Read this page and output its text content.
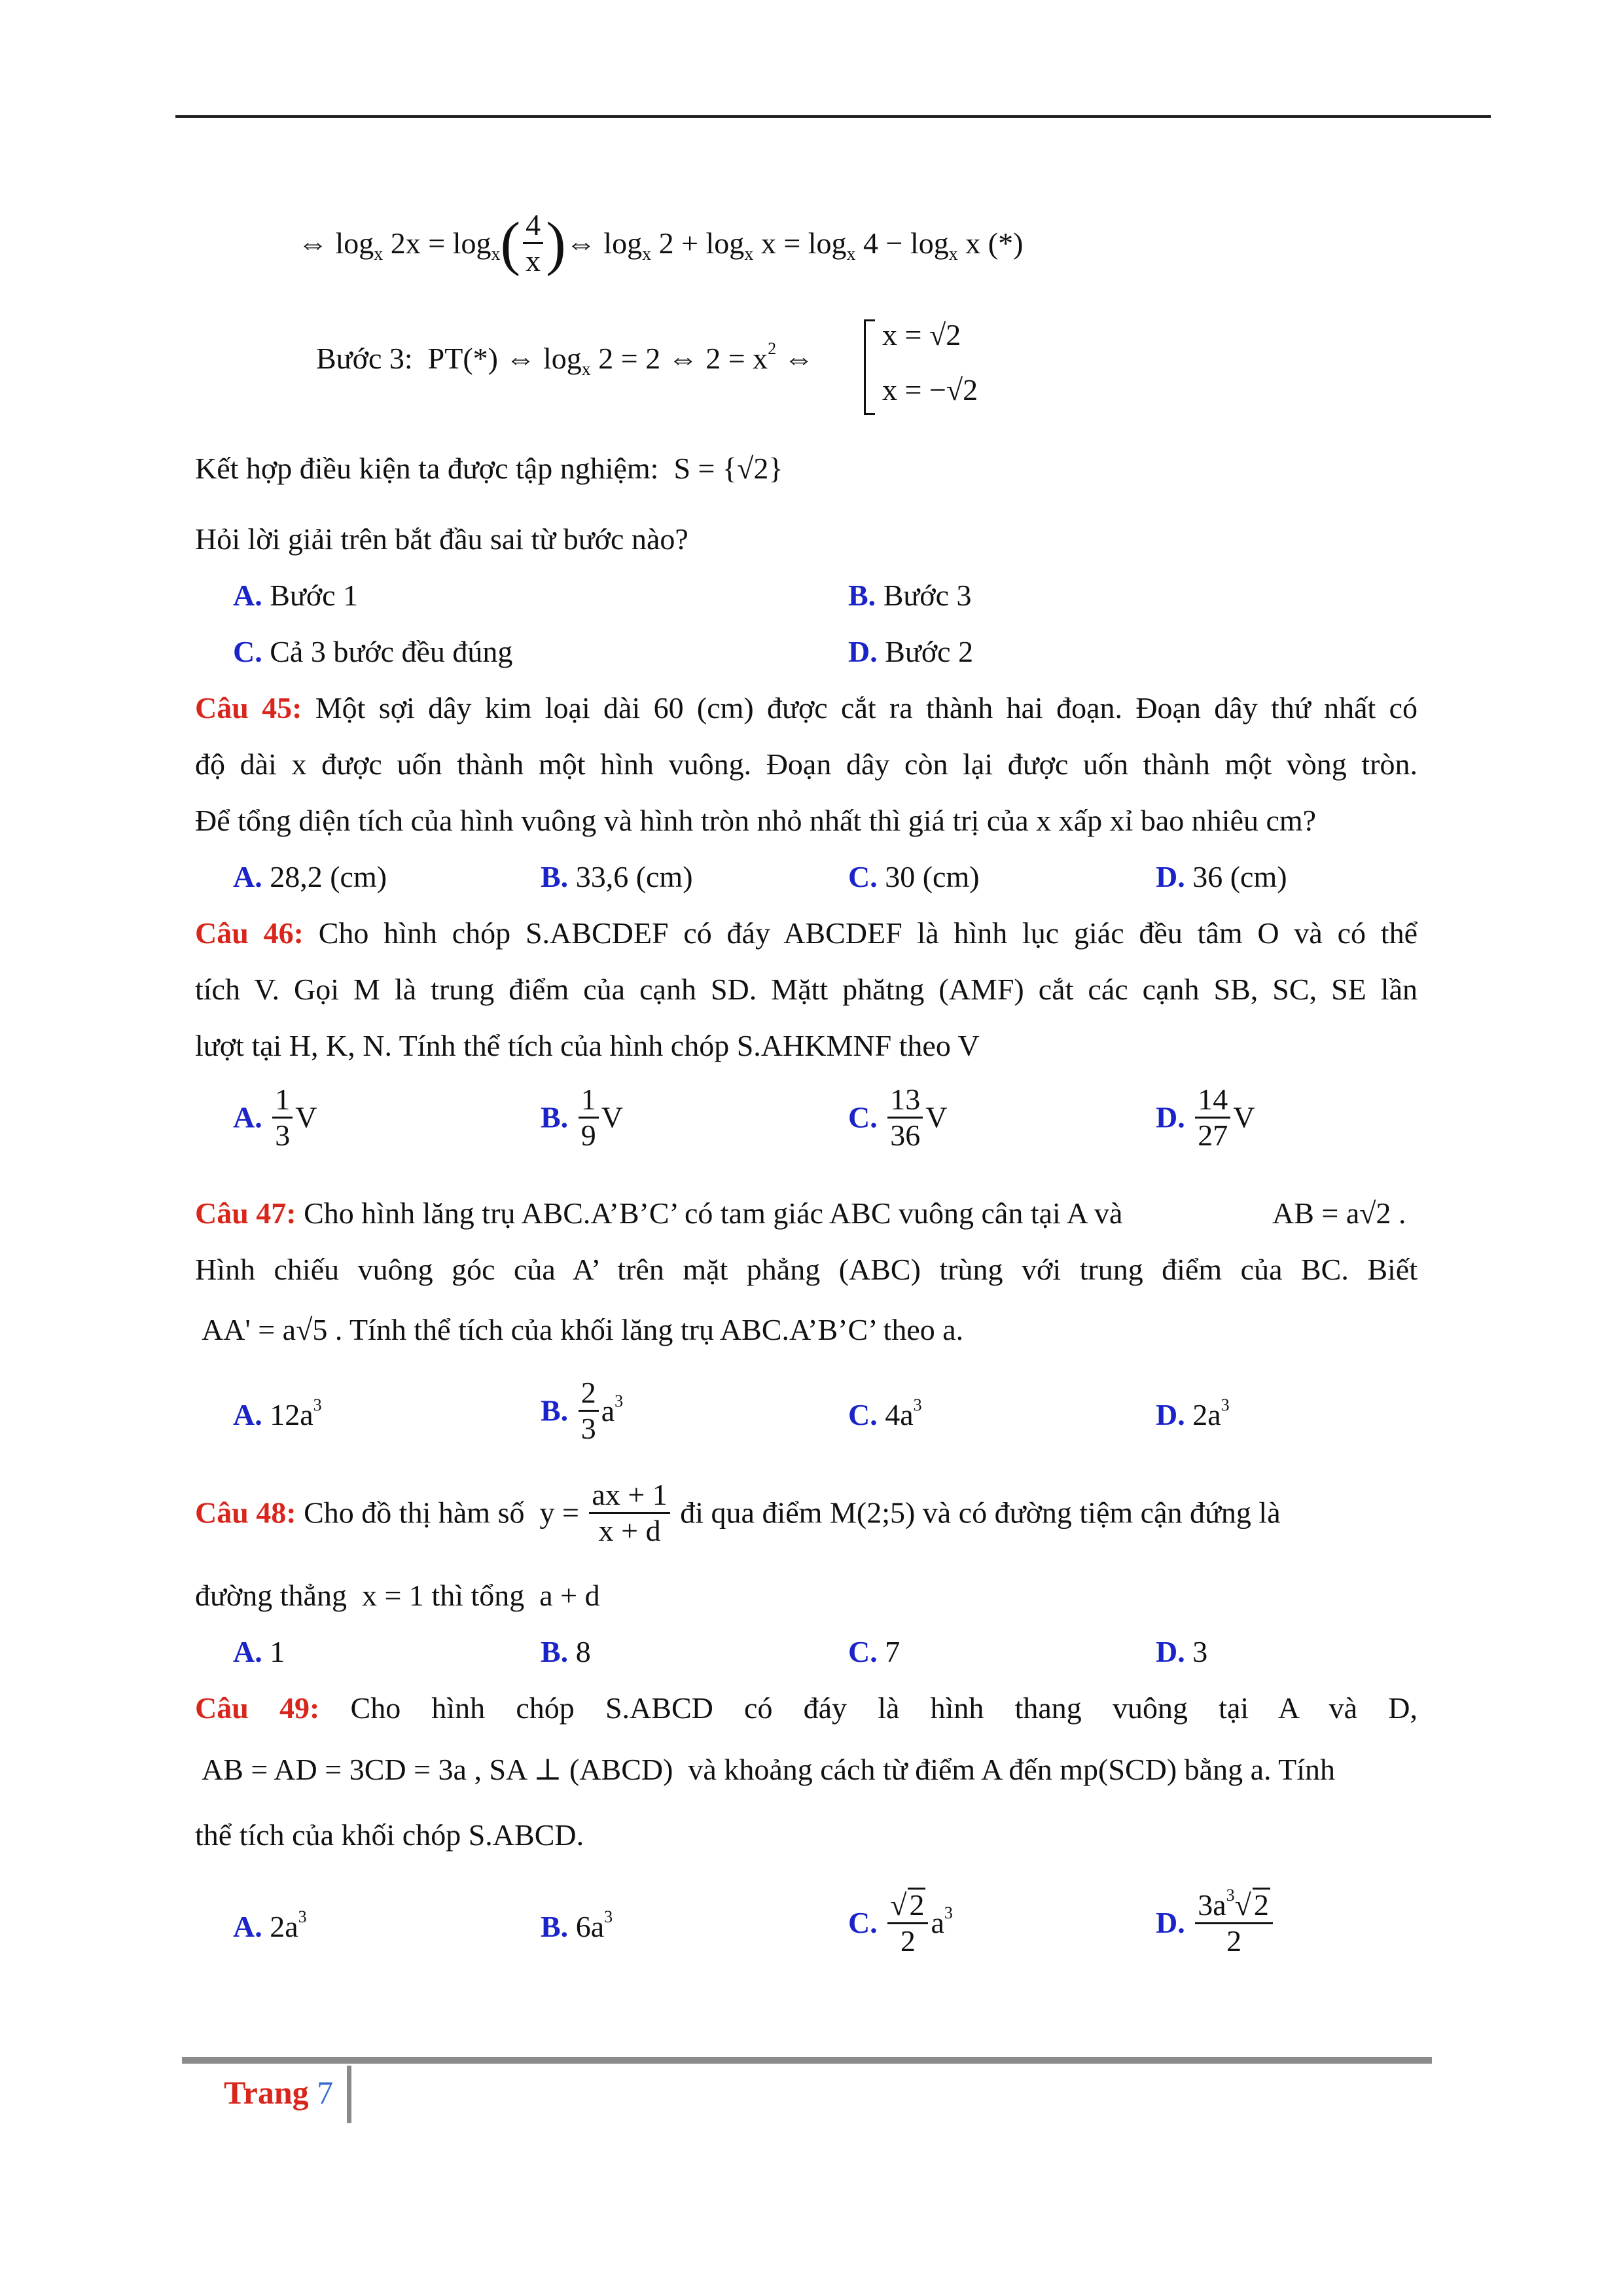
⇔ $\log_x 2x = \log_x( \frac{4}{x}$ )⇔ $\log_x 2 + \log_x x = \log_x 4 - \log_x x$ (*)
Bước 3: PT(*) ⇔ $\log_x 2 = 2$ ⇔ $2 = x^2$ ⇔
x = √2
x = −√2
Kết hợp điều kiện ta được tập nghiệm: S = {√2}
Hỏi lời giải trên bắt đầu sai từ bước nào?
A. Bước 1	B. Bước 3
C. Cả 3 bước đều đúng	D. Bước 2
Câu 45: Một sợi dây kim loại dài 60 (cm) được cắt ra thành hai đoạn. Đoạn dây thứ nhất có
độ dài x được uốn thành một hình vuông. Đoạn dây còn lại được uốn thành một vòng tròn.
Để tổng diện tích của hình vuông và hình tròn nhỏ nhất thì giá trị của x xấp xỉ bao nhiêu cm?
A. 28,2 (cm)	B. 33,6 (cm)	C. 30 (cm)	D. 36 (cm)
Câu 46: Cho hình chóp S.ABCDEF có đáy ABCDEF là hình lục giác đều tâm O và có thể
tích V. Gọi M là trung điểm của cạnh SD. Mặtt phătng (AMF) cắt các cạnh SB, SC, SE lần
lượt tại H, K, N. Tính thể tích của hình chóp S.AHKMNF theo V
A. $\frac{1}{3}$ V	B. $\frac{1}{9}$ V	C. $\frac{13}{36}$ V	D. $\frac{14}{27}$ V
Câu 47: Cho hình lăng trụ ABC.A’B’C’ có tam giác ABC vuông cân tại A và	AB = a√2 .
Hình chiếu vuông góc của A’ trên mặt phẳng (ABC) trùng với trung điểm của BC. Biết
AA' = a√5 . Tính thể tích của khối lăng trụ ABC.A’B’C’ theo a.
A. $12a^3$	B. $\frac{2}{3} a^3$	C. $4a^3$	D. $2a^3$
Câu 48: Cho đồ thị hàm số  $y = \frac{ax + 1}{x + d}$ đi qua điểm M(2;5) và có đường tiệm cận đứng là
đường thẳng x = 1 thì tổng a + d
A. 1	B. 8	C. 7	D. 3
Câu 49: Cho hình chóp S.ABCD có đáy là hình thang vuông tại A và D,
AB = AD = 3CD = 3a , SA ⊥ (ABCD) và khoảng cách từ điểm A đến mp(SCD) bằng a. Tính
thể tích của khối chóp S.ABCD.
A. $2a^3$	B. $6a^3$	C. $\frac{√2}{2} a^3$	D. $\frac{3a^3√2}{2}$
Trang 7
